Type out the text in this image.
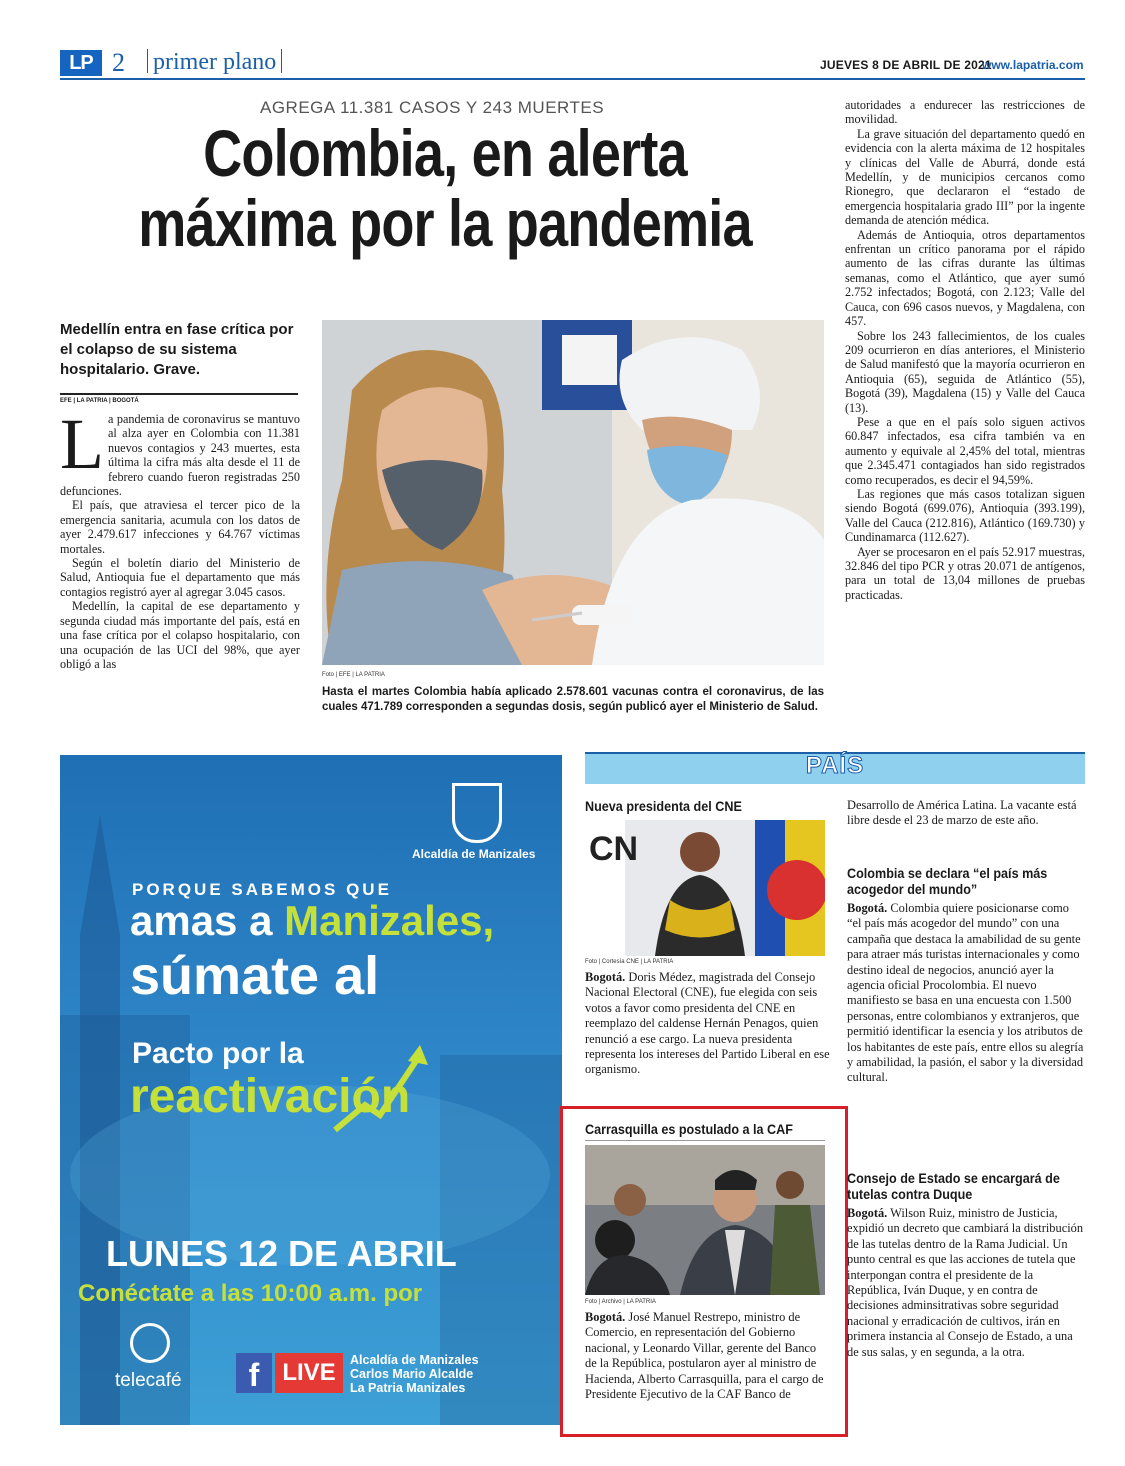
LP 2	primer plano	JUEVES 8 DE ABRIL DE 2021
www.lapatria.com
AGREGA 11.381 CASOS Y 243 MUERTES
Colombia, en alerta
máxima por la pandemia
Medellín entra en fase crítica por el colapso de su sistema hospitalario. Grave.
EFE | LA PATRIA | BOGOTÁ

La pandemia de coronavirus se mantuvo al alza ayer en Colombia con 11.381 nuevos contagios y 243 muertes, esta última la cifra más alta desde el 11 de febrero cuando fueron registradas 250 defunciones.

El país, que atraviesa el tercer pico de la emergencia sanitaria, acumula con los datos de ayer 2.479.617 infecciones y 64.767 víctimas mortales.

Según el boletín diario del Ministerio de Salud, Antioquia fue el departamento que más contagios registró ayer al agregar 3.045 casos.

Medellín, la capital de ese departamento y segunda ciudad más importante del país, está en una fase crítica por el colapso hospitalario, con una ocupación de las UCI del 98%, que ayer obligó a las

Foto | EFE | LA PATRIA
Hasta el martes Colombia había aplicado 2.578.601 vacunas contra el coronavirus, de las cuales 471.789 corresponden a segundas dosis, según publicó ayer el Ministerio de Salud.

autoridades a endurecer las restricciones de movilidad.

La grave situación del departamento quedó en evidencia con la alerta máxima de 12 hospitales y clínicas del Valle de Aburrá, donde está Medellín, y de municipios cercanos como Rionegro, que declararon el “estado de emergencia hospitalaria grado III” por la ingente demanda de atención médica.

Además de Antioquia, otros departamentos enfrentan un crítico panorama por el rápido aumento de las cifras durante las últimas semanas, como el Atlántico, que ayer sumó 2.752 infectados; Bogotá, con 2.123; Valle del Cauca, con 696 casos nuevos, y Magdalena, con 457.

Sobre los 243 fallecimientos, de los cuales 209 ocurrieron en días anteriores, el Ministerio de Salud manifestó que la mayoría ocurrieron en Antioquia (65), seguida de Atlántico (55), Bogotá (39), Magdalena (15) y Valle del Cauca (13).

Pese a que en el país solo siguen activos 60.847 infectados, esa cifra también va en aumento y equivale al 2,45% del total, mientras que 2.345.471 contagiados han sido registrados como recuperados, es decir el 94,59%.

Las regiones que más casos totalizan siguen siendo Bogotá (699.076), Antioquia (393.199), Valle del Cauca (212.816), Atlántico (169.730) y Cundinamarca (112.627).

Ayer se procesaron en el país 52.917 muestras, 32.846 del tipo PCR y otras 20.071 de antígenos, para un total de 13,04 millones de pruebas practicadas.

Alcaldía de Manizales
PORQUE SABEMOS QUE
amas a Manizales,
súmate al
Pacto por la
reactivación
LUNES 12 DE ABRIL
Conéctate a las 10:00 a.m. por
telecafé	f LIVE	Alcaldía de Manizales
Carlos Mario Alcalde
La Patria Manizales
PAÍS
Nueva presidenta del CNE
CN
Foto | Cortesía CNE | LA PATRIA
Bogotá. Doris Médez, magistrada del Consejo Nacional Electoral (CNE), fue elegida con seis votos a favor como presidenta del CNE en reemplazo del caldense Hernán Penagos, quien renunció a ese cargo. La nueva presidenta representa los intereses del Partido Liberal en ese organismo.
Carrasquilla es postulado a la CAF
Foto | Archivo | LA PATRIA
Bogotá. José Manuel Restrepo, ministro de Comercio, en representación del Gobierno nacional, y Leonardo Villar, gerente del Banco de la República, postularon ayer al ministro de Hacienda, Alberto Carrasquilla, para el cargo de Presidente Ejecutivo de la CAF Banco de
Desarrollo de América Latina. La vacante está libre desde el 23 de marzo de este año.
Colombia se declara “el país más acogedor del mundo”
Bogotá. Colombia quiere posicionarse como “el país más acogedor del mundo” con una campaña que destaca la amabilidad de su gente para atraer más turistas internacionales y como destino ideal de negocios, anunció ayer la agencia oficial Procolombia. El nuevo manifiesto se basa en una encuesta con 1.500 personas, entre colombianos y extranjeros, que permitió identificar la esencia y los atributos de los habitantes de este país, entre ellos su alegría y amabilidad, la pasión, el sabor y la diversidad cultural.
Consejo de Estado se encargará de tutelas contra Duque
Bogotá. Wilson Ruiz, ministro de Justicia, expidió un decreto que cambiará la distribución de las tutelas dentro de la Rama Judicial. Un punto central es que las acciones de tutela que interpongan contra el presidente de la República, Iván Duque, y en contra de decisiones adminsitrativas sobre seguridad nacional y erradicación de cultivos, irán en primera instancia al Consejo de Estado, a una de sus salas, y en segunda, a la otra.
